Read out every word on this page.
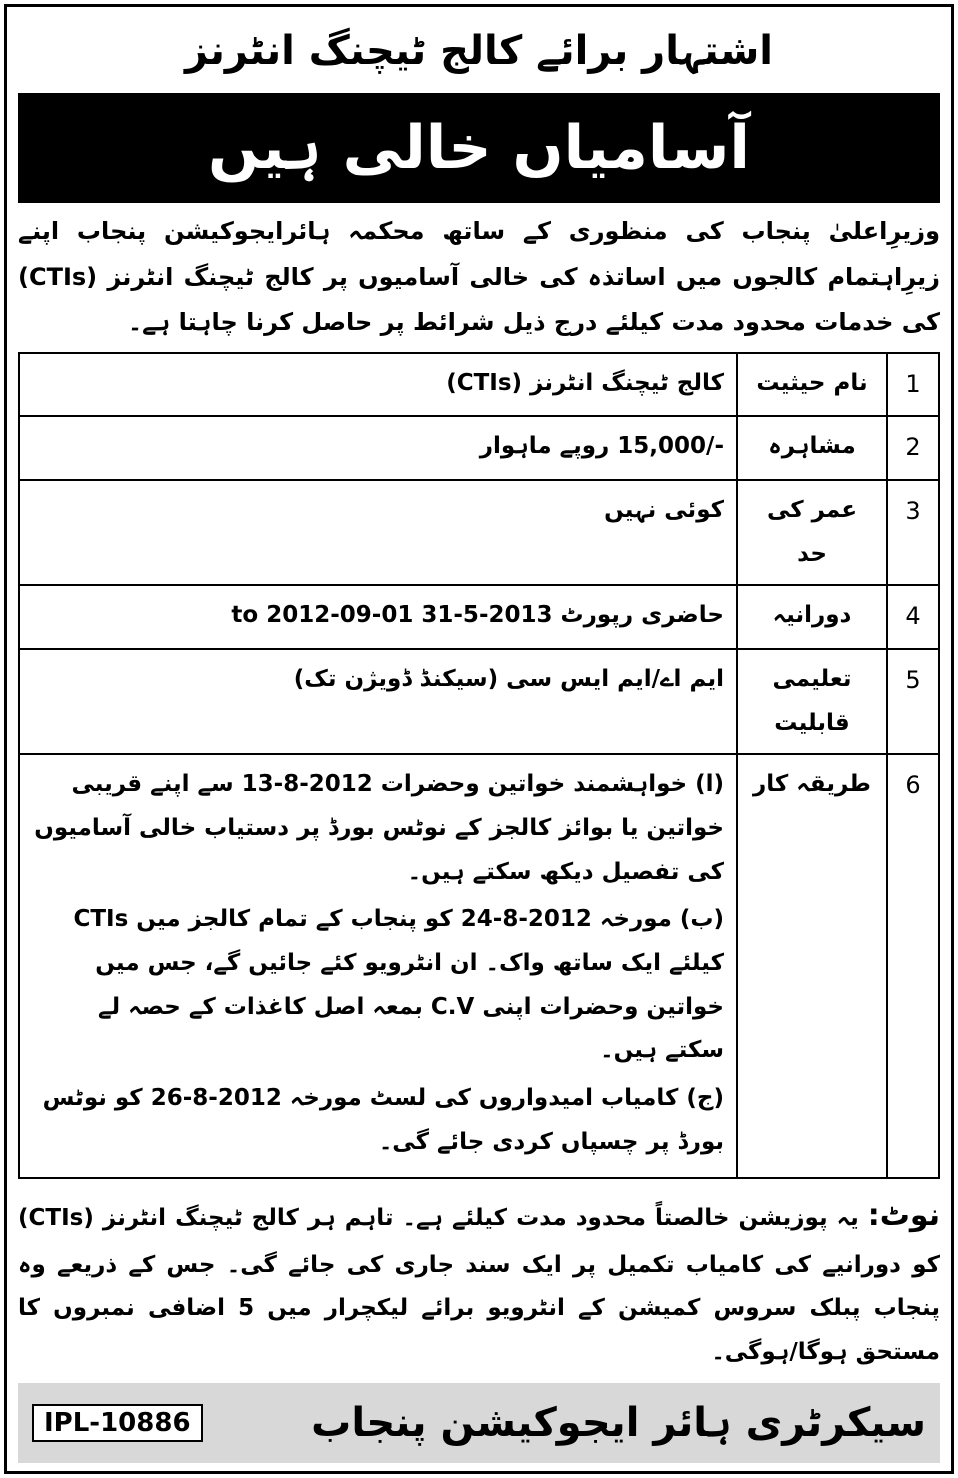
اشتہار برائے کالج ٹیچنگ انٹرنز
آسامیاں خالی ہیں
وزیرِاعلیٰ پنجاب کی منظوری کے ساتھ محکمہ ہائرایجوکیشن پنجاب اپنے زیرِاہتمام کالجوں میں اساتذہ کی خالی آسامیوں پر کالج ٹیچنگ انٹرنز (CTIs) کی خدمات محدود مدت کیلئے درج ذیل شرائط پر حاصل کرنا چاہتا ہے۔
1	نام حیثیت	کالج ٹیچنگ انٹرنز (CTIs)
2	مشاہرہ	-/15,000 روپے ماہوار
3	عمر کی حد	کوئی نہیں
4	دورانیہ	حاضری رپورٹ 2013-5-31 to 2012-09-01
5	تعلیمی قابلیت	ایم اے/ایم ایس سی (سیکنڈ ڈویژن تک)
6	طریقہ کار	(ا) خواہشمند خواتین وحضرات 2012-8-13 سے اپنے قریبی خواتین یا بوائز کالجز کے نوٹس بورڈ پر دستیاب خالی آسامیوں کی تفصیل دیکھ سکتے ہیں۔

(ب) مورخہ 2012-8-24 کو پنجاب کے تمام کالجز میں CTIs کیلئے ایک ساتھ واک۔ ان انٹرویو کئے جائیں گے، جس میں خواتین وحضرات اپنی C.V بمعہ اصل کاغذات کے حصہ لے سکتے ہیں۔

(ج) کامیاب امیدواروں کی لسٹ مورخہ 2012-8-26 کو نوٹس بورڈ پر چسپاں کردی جائے گی۔

نوٹ: یہ پوزیشن خالصتاً محدود مدت کیلئے ہے۔ تاہم ہر کالج ٹیچنگ انٹرنز (CTIs) کو دورانیے کی کامیاب تکمیل پر ایک سند جاری کی جائے گی۔ جس کے ذریعے وہ پنجاب پبلک سروس کمیشن کے انٹرویو برائے لیکچرار میں 5 اضافی نمبروں کا مستحق ہوگا/ہوگی۔
سیکرٹری ہائر ایجوکیشن پنجاب
IPL-10886
